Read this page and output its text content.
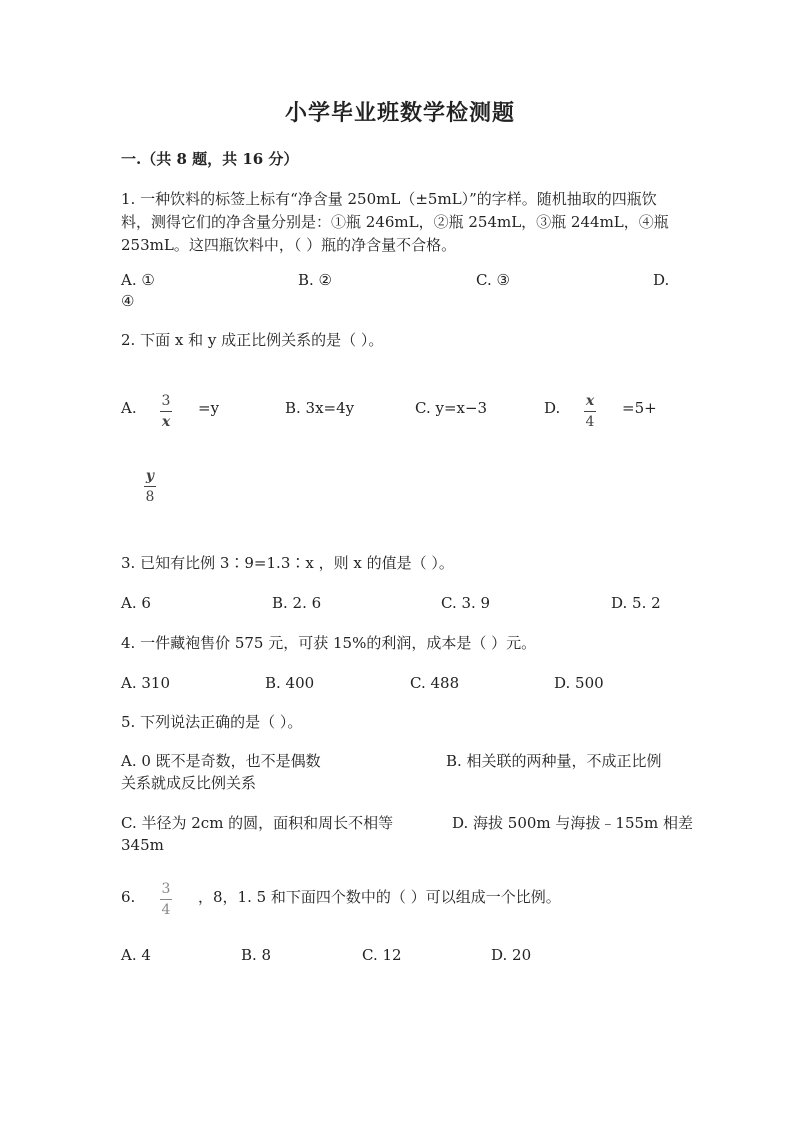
小学毕业班数学检测题
一.（共 8 题，共 16 分）
1. 一种饮料的标签上标有“净含量 250mL（±5mL）”的字样。随机抽取的四瓶饮
料，测得它们的净含量分别是：①瓶 246mL，②瓶 254mL，③瓶 244mL，④瓶
253mL。这四瓶饮料中，（ ）瓶的净含量不合格。
A. ①	B. ②	C. ③	D.
④
2. 下面 x 和 y 成正比例关系的是（ ）。
A. 3
x
=y	B. 3x=4y	C. y=x−3	D. x
4
=5+
y
8
3. 已知有比例 3∶9=1.3∶x ，则 x 的值是（ ）。
A. 6	B. 2. 6	C. 3. 9	D. 5. 2
4. 一件藏袍售价 575 元，可获 15%的利润，成本是（ ）元。
A. 310	B. 400	C. 488	D. 500
5. 下列说法正确的是（ ）。
A. 0 既不是奇数，也不是偶数	B. 相关联的两种量，不成正比例
关系就成反比例关系
C. 半径为 2cm 的圆，面积和周长不相等	D. 海拔 500m 与海拔﹣155m 相差
345m
6. 3
4
，8，1. 5 和下面四个数中的（ ）可以组成一个比例。
A. 4	B. 8	C. 12	D. 20
